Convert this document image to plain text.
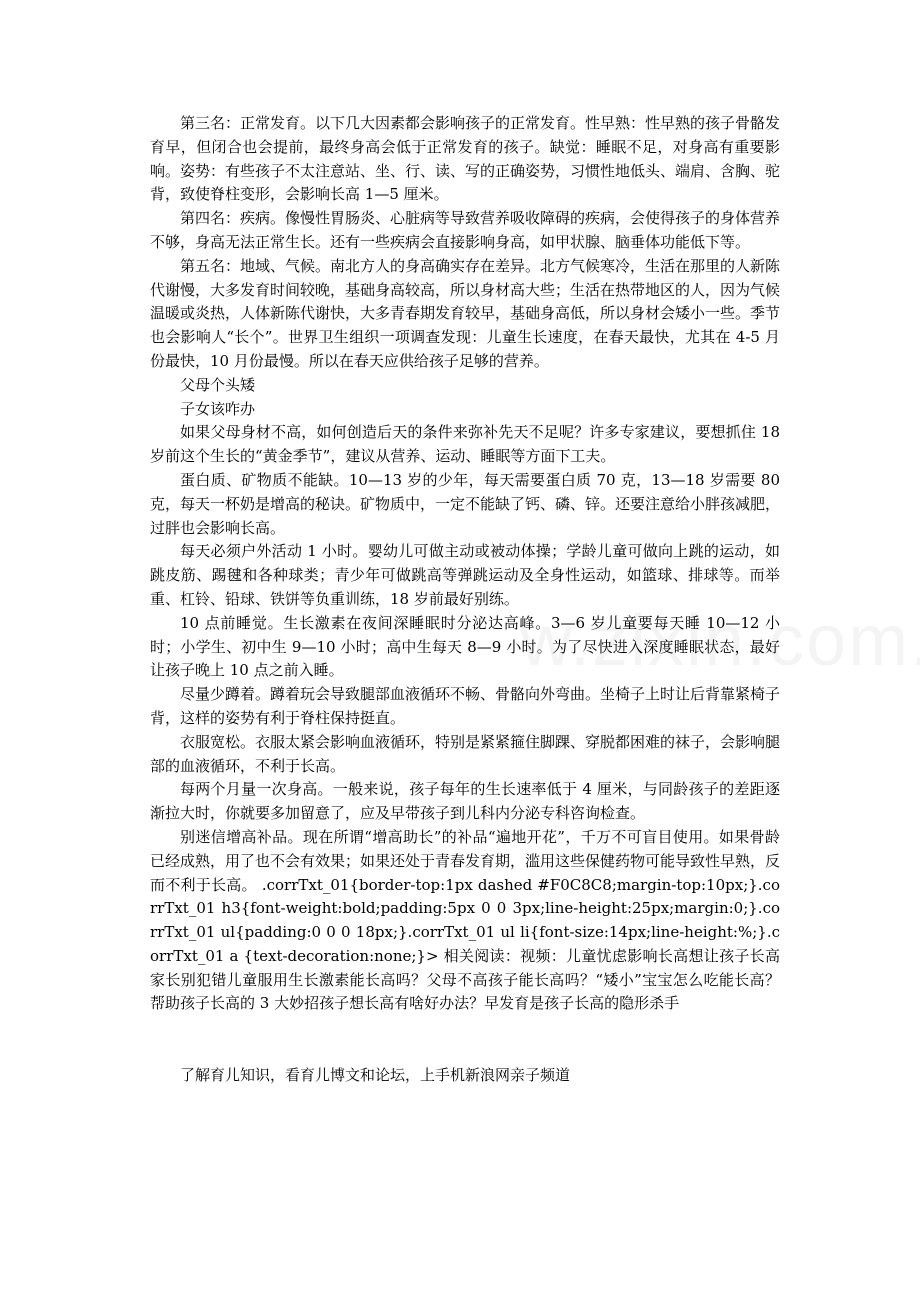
第三名：正常发育。以下几大因素都会影响孩子的正常发育。性早熟：性早熟的孩子骨骼发育早，但闭合也会提前，最终身高会低于正常发育的孩子。缺觉：睡眠不足，对身高有重要影响。姿势：有些孩子不太注意站、坐、行、读、写的正确姿势，习惯性地低头、端肩、含胸、驼背，致使脊柱变形，会影响长高 1—5 厘米。

第四名：疾病。像慢性胃肠炎、心脏病等导致营养吸收障碍的疾病，会使得孩子的身体营养不够，身高无法正常生长。还有一些疾病会直接影响身高，如甲状腺、脑垂体功能低下等。

第五名：地域、气候。南北方人的身高确实存在差异。北方气候寒冷，生活在那里的人新陈代谢慢，大多发育时间较晚，基础身高较高，所以身材高大些；生活在热带地区的人，因为气候温暖或炎热，人体新陈代谢快，大多青春期发育较早，基础身高低，所以身材会矮小一些。季节也会影响人“长个”。世界卫生组织一项调查发现：儿童生长速度，在春天最快，尤其在 4-5 月份最快，10 月份最慢。所以在春天应供给孩子足够的营养。

父母个头矮

子女该咋办

如果父母身材不高，如何创造后天的条件来弥补先天不足呢？许多专家建议，要想抓住 18 岁前这个生长的“黄金季节”，建议从营养、运动、睡眠等方面下工夫。

蛋白质、矿物质不能缺。10—13 岁的少年，每天需要蛋白质 70 克，13—18 岁需要 80 克，每天一杯奶是增高的秘诀。矿物质中，一定不能缺了钙、磷、锌。还要注意给小胖孩减肥，过胖也会影响长高。

每天必须户外活动 1 小时。婴幼儿可做主动或被动体操；学龄儿童可做向上跳的运动，如跳皮筋、踢毽和各种球类；青少年可做跳高等弹跳运动及全身性运动，如篮球、排球等。而举重、杠铃、铅球、铁饼等负重训练，18 岁前最好别练。

10 点前睡觉。生长激素在夜间深睡眠时分泌达高峰。3—6 岁儿童要每天睡 10—12 小时；小学生、初中生 9—10 小时；高中生每天 8—9 小时。为了尽快进入深度睡眠状态，最好让孩子晚上 10 点之前入睡。

尽量少蹲着。蹲着玩会导致腿部血液循环不畅、骨骼向外弯曲。坐椅子上时让后背靠紧椅子背，这样的姿势有利于脊柱保持挺直。

衣服宽松。衣服太紧会影响血液循环，特别是紧紧箍住脚踝、穿脱都困难的袜子，会影响腿部的血液循环，不利于长高。

每两个月量一次身高。一般来说，孩子每年的生长速率低于 4 厘米，与同龄孩子的差距逐渐拉大时，你就要多加留意了，应及早带孩子到儿科内分泌专科咨询检查。

别迷信增高补品。现在所谓“增高助长”的补品“遍地开花”，千万不可盲目使用。如果骨龄已经成熟，用了也不会有效果；如果还处于青春发育期，滥用这些保健药物可能导致性早熟，反而不利于长高。 .corrTxt_01{border-top:1px dashed #F0C8C8;margin-top:10px;}.corrTxt_01 h3{font-weight:bold;padding:5px 0 0 3px;line-height:25px;margin:0;}.corrTxt_01 ul{padding:0 0 0 18px;}.corrTxt_01 ul li{font-size:14px;line-height:%;}.corrTxt_01 a {text-decoration:none;}> 相关阅读：视频：儿童忧虑影响长高想让孩子长高 家长别犯错儿童服用生长激素能长高吗？父母不高孩子能长高吗？“矮小”宝宝怎么吃能长高？帮助孩子长高的 3 大妙招孩子想长高有啥好办法？早发育是孩子长高的隐形杀手

了解育儿知识，看育儿博文和论坛，上手机新浪网亲子频道
